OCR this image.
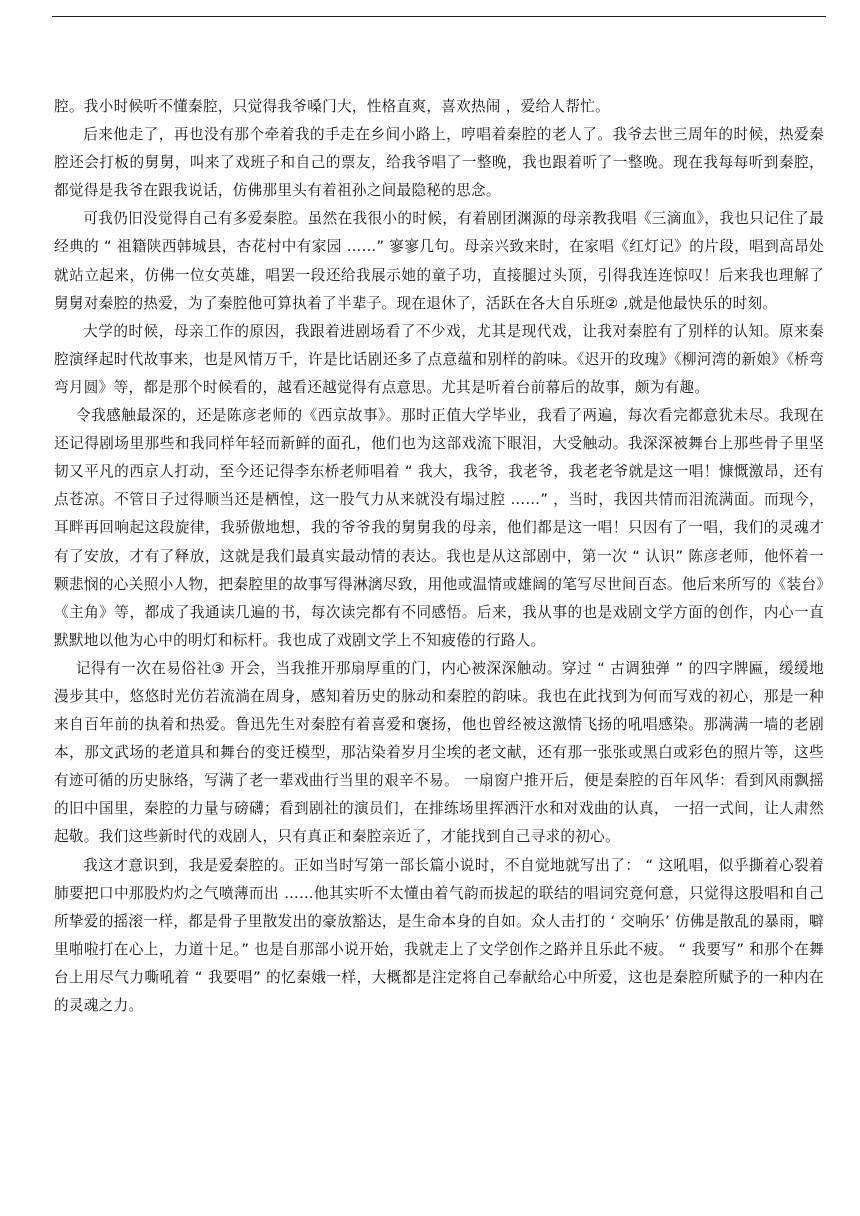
腔。我小时候听不懂秦腔，只觉得我爷嗓门大，性格直爽，喜欢热闹 ，爱给人帮忙。

后来他走了，再也没有那个牵着我的手走在乡间小路上，哼唱着秦腔的老人了。我爷去世三周年的时候，热爱秦腔还会打板的舅舅，叫来了戏班子和自己的票友，给我爷唱了一整晚，我也跟着听了一整晚。现在我每每听到秦腔，都觉得是我爷在跟我说话，仿佛那里头有着祖孙之间最隐秘的思念。

可我仍旧没觉得自己有多爱秦腔。虽然在我很小的时候，有着剧团渊源的母亲教我唱《三滴血》，我也只记住了最经典的 “ 祖籍陕西韩城县，杏花村中有家园 ……” 寥寥几句。母亲兴致来时，在家唱《红灯记》的片段，唱到高昂处就站立起来，仿佛一位女英雄，唱罢一段还给我展示她的童子功，直接腿过头顶，引得我连连惊叹！后来我也理解了舅舅对秦腔的热爱，为了秦腔他可算执着了半辈子。现在退休了，活跃在各大自乐班② ,就是他最快乐的时刻。

大学的时候，母亲工作的原因，我跟着进剧场看了不少戏，尤其是现代戏，让我对秦腔有了别样的认知。原来秦腔演绎起时代故事来，也是风情万千，许是比话剧还多了点意蕴和别样的韵味。《迟开的玫瑰》《柳河湾的新娘》《桥弯弯月圆》等，都是那个时候看的，越看还越觉得有点意思。尤其是听着台前幕后的故事，颇为有趣。

令我感触最深的，还是陈彦老师的《西京故事》。那时正值大学毕业，我看了两遍，每次看完都意犹未尽。我现在还记得剧场里那些和我同样年轻而新鲜的面孔，他们也为这部戏流下眼泪，大受触动。我深深被舞台上那些骨子里坚韧又平凡的西京人打动，至今还记得李东桥老师唱着 “ 我大，我爷，我老爷，我老老爷就是这一唱！慷慨激昂，还有点苍凉。不管日子过得顺当还是栖惶，这一股气力从来就没有塌过腔 ……” ，当时，我因共情而泪流满面。而现今，耳畔再回响起这段旋律，我骄傲地想，我的爷爷我的舅舅我的母亲，他们都是这一唱！只因有了一唱，我们的灵魂才有了安放，才有了释放，这就是我们最真实最动情的表达。我也是从这部剧中，第一次 “ 认识” 陈彦老师，他怀着一颗悲悯的心关照小人物，把秦腔里的故事写得淋漓尽致，用他或温情或雄阔的笔写尽世间百态。他后来所写的《装台》《主角》等，都成了我通读几遍的书，每次读完都有不同感悟。后来，我从事的也是戏剧文学方面的创作，内心一直默默地以他为心中的明灯和标杆。我也成了戏剧文学上不知疲倦的行路人。

记得有一次在易俗社③ 开会，当我推开那扇厚重的门，内心被深深触动。穿过 “ 古调独弹 ” 的四字牌匾，缓缓地漫步其中，悠悠时光仿若流淌在周身，感知着历史的脉动和秦腔的韵味。我也在此找到为何而写戏的初心，那是一种来自百年前的执着和热爱。鲁迅先生对秦腔有着喜爱和褒扬，他也曾经被这激情飞扬的吼唱感染。那满满一墙的老剧本，那文武场的老道具和舞台的变迁模型，那沾染着岁月尘埃的老文献，还有那一张张或黑白或彩色的照片等，这些有迹可循的历史脉络，写满了老一辈戏曲行当里的艰辛不易。 一扇窗户推开后，便是秦腔的百年风华：看到风雨飘摇的旧中国里，秦腔的力量与磅礴；看到剧社的演员们，在排练场里挥洒汗水和对戏曲的认真， 一招一式间，让人肃然起敬。我们这些新时代的戏剧人，只有真正和秦腔亲近了，才能找到自己寻求的初心。

我这才意识到，我是爱秦腔的。正如当时写第一部长篇小说时，不自觉地就写出了： “ 这吼唱，似乎撕着心裂着肺要把口中那股灼灼之气喷薄而出 ……他其实听不太懂由着气韵而拔起的联结的唱词究竟何意，只觉得这股唱和自己所挚爱的摇滚一样，都是骨子里散发出的豪放豁达，是生命本身的自如。众人击打的 ‘ 交响乐’ 仿佛是散乱的暴雨，噼里啪啦打在心上，力道十足。” 也是自那部小说开始，我就走上了文学创作之路并且乐此不疲。 “ 我要写” 和那个在舞台上用尽气力嘶吼着 “ 我要唱” 的忆秦娥一样，大概都是注定将自己奉献给心中所爱，这也是秦腔所赋予的一种内在的灵魂之力。
